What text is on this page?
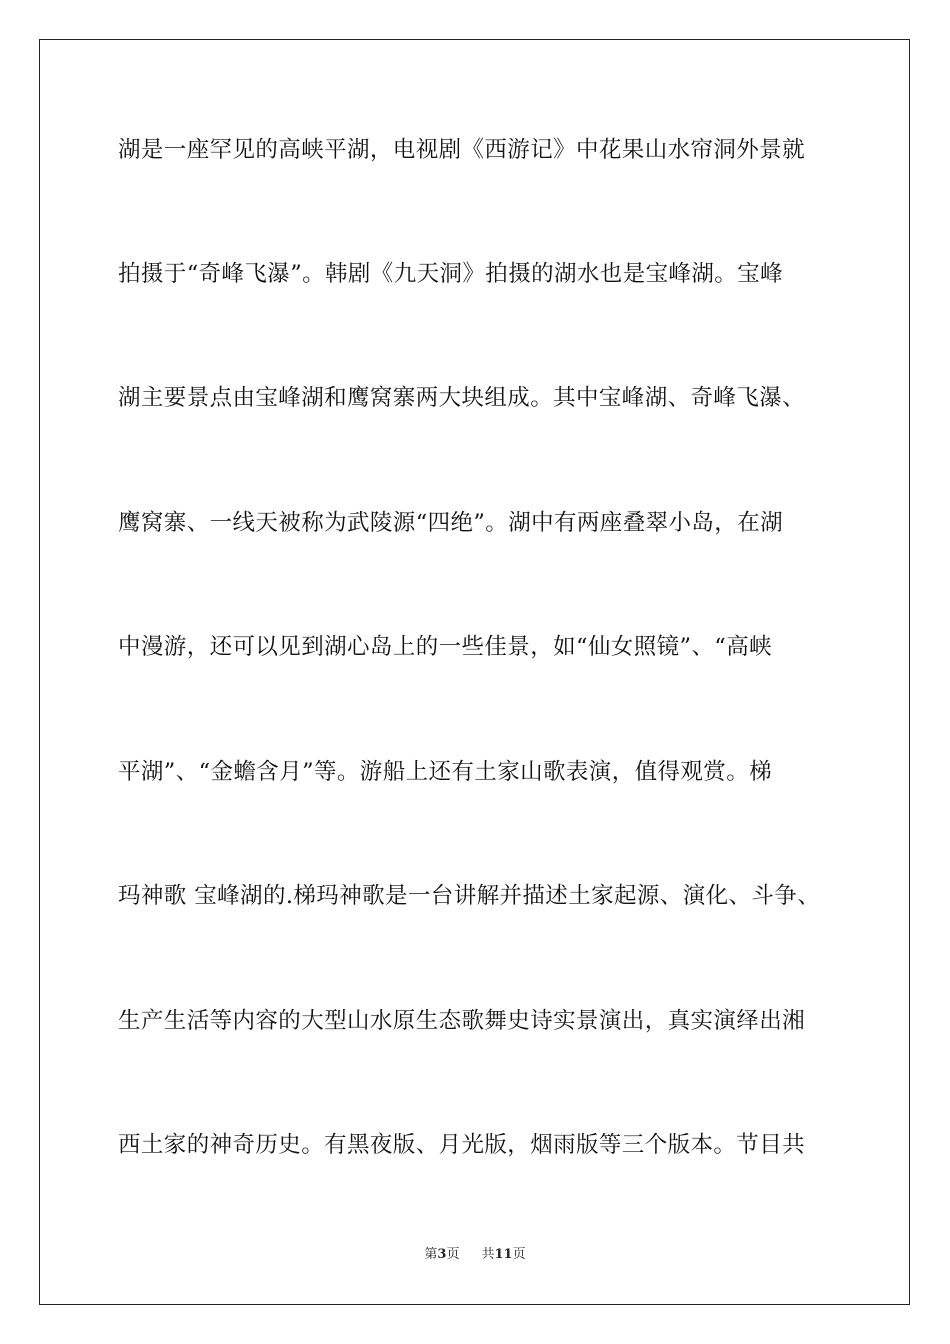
湖是一座罕见的高峡平湖，电视剧《西游记》中花果山水帘洞外景就
拍摄于“奇峰飞瀑”。韩剧《九天洞》拍摄的湖水也是宝峰湖。宝峰
湖主要景点由宝峰湖和鹰窝寨两大块组成。其中宝峰湖、奇峰飞瀑、
鹰窝寨、一线天被称为武陵源“四绝”。湖中有两座叠翠小岛，在湖
中漫游，还可以见到湖心岛上的一些佳景，如“仙女照镜”、“高峡
平湖”、“金蟾含月”等。游船上还有土家山歌表演，值得观赏。梯
玛神歌 宝峰湖的.梯玛神歌是一台讲解并描述土家起源、演化、斗争、
生产生活等内容的大型山水原生态歌舞史诗实景演出，真实演绎出湘
西土家的神奇历史。有黑夜版、月光版，烟雨版等三个版本。节目共
第3页 共11页
